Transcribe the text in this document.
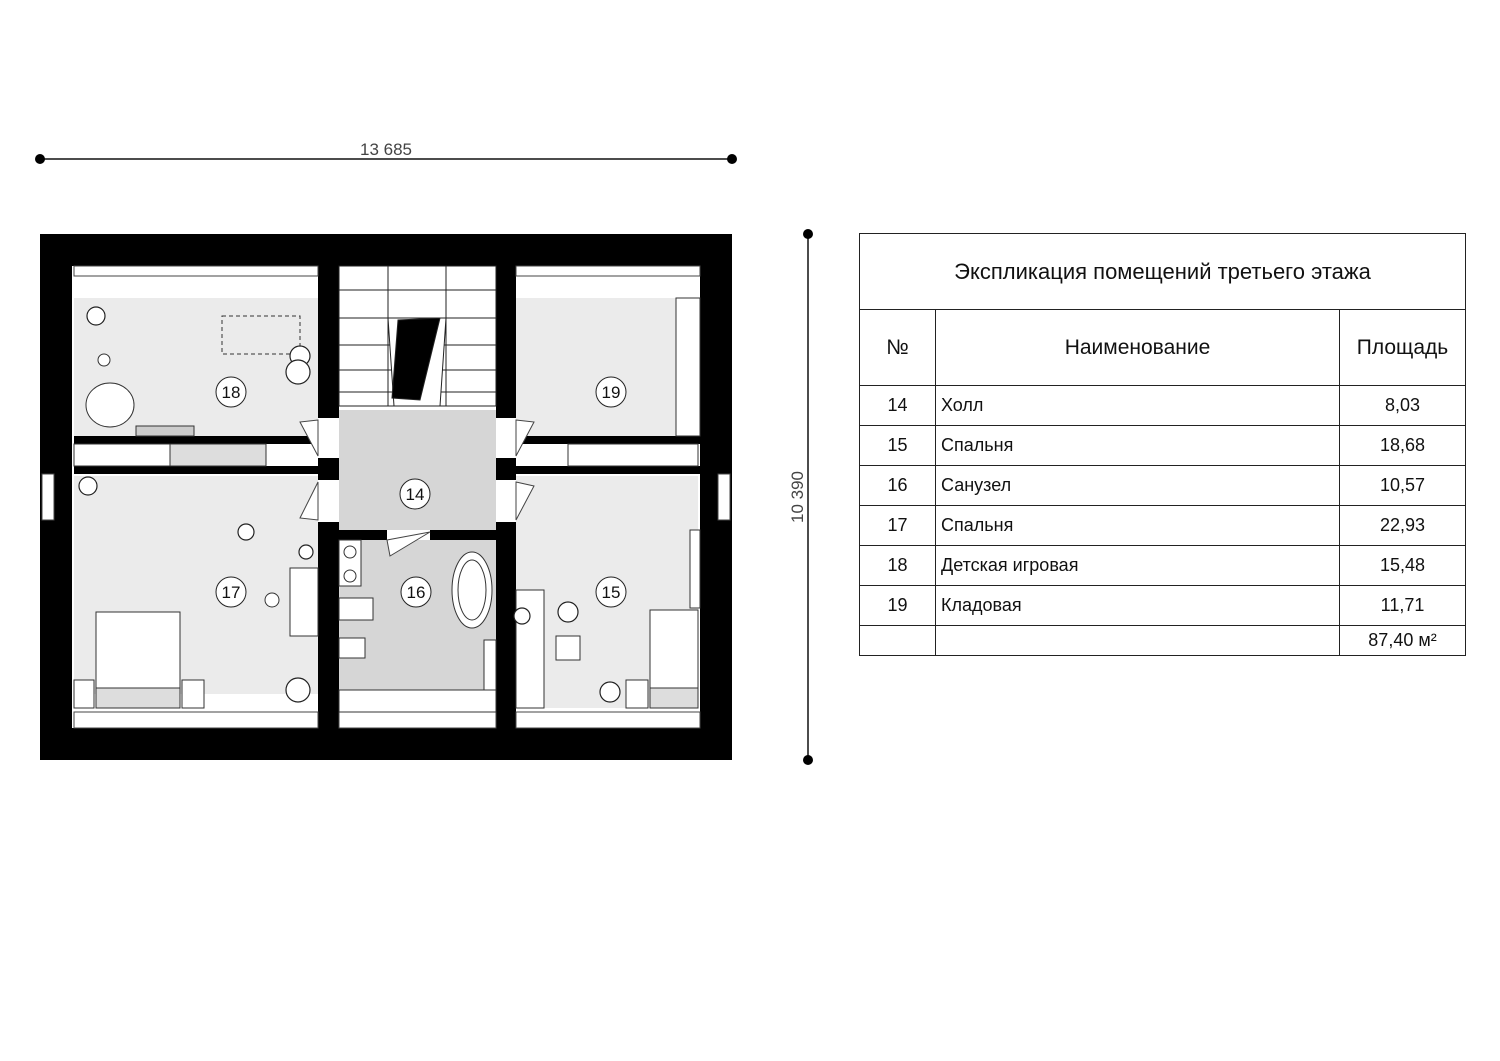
13 685
10 390
18	19
14
17	16	15
Экспликация помещений третьего этажа		
№	Наименование	Площадь
14	Холл	8,03
15	Спальня	18,68
16	Санузел	10,57
17	Спальня	22,93
18	Детская игровая	15,48
19	Кладовая	11,71
		87,40 м²
